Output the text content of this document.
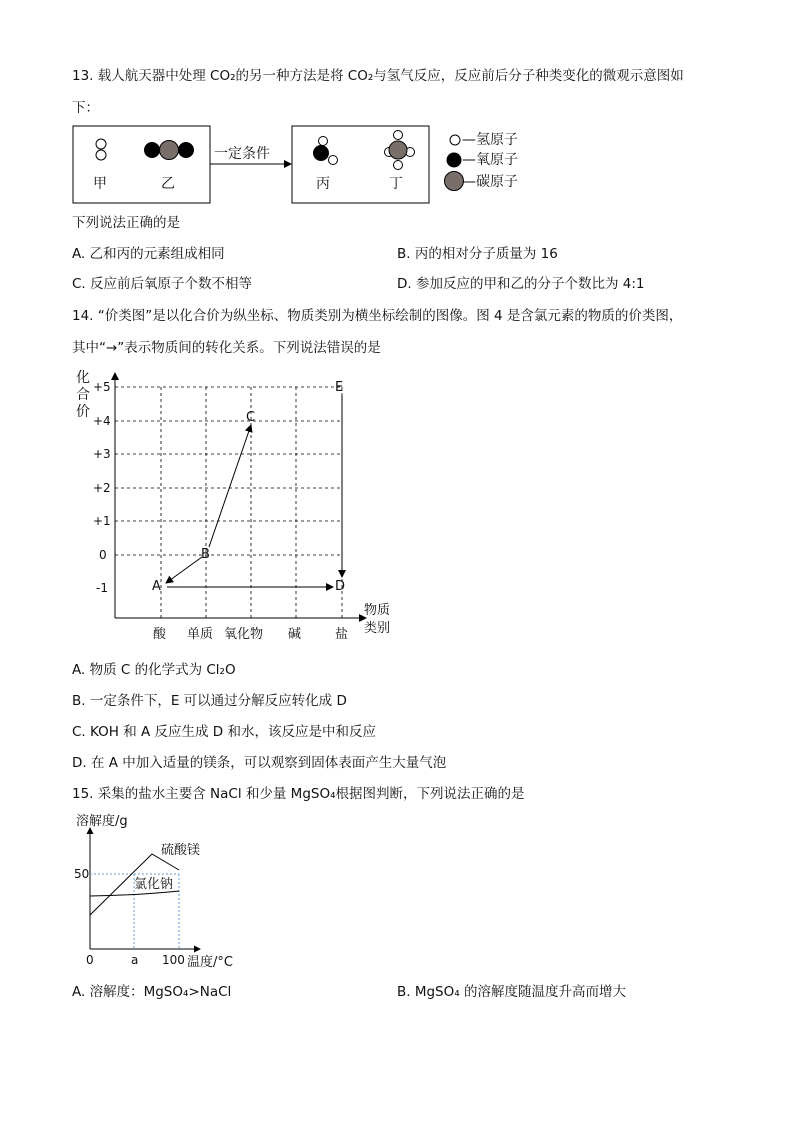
13. 载人航天器中处理 CO₂的另一种方法是将 CO₂与氢气反应，反应前后分子种类变化的微观示意图如
下：
甲	乙
一定条件
丙	丁
—氢原子
—氧原子
—碳原子
下列说法正确的是
A. 乙和丙的元素组成相同	B. 丙的相对分子质量为 16
C. 反应前后氧原子个数不相等	D. 参加反应的甲和乙的分子个数比为 4:1
14. “价类图”是以化合价为纵坐标、物质类别为横坐标绘制的图像。图 4 是含氯元素的物质的价类图，
其中“→”表示物质间的转化关系。下列说法错误的是
化
合
价
+5
+4
+3
+2
+1
0
-1	A
B
C
D
E
酸 单质 氧化物 碱	盐
物质
类别
A. 物质 C 的化学式为 Cl₂O
B. 一定条件下，E 可以通过分解反应转化成 D
C. KOH 和 A 反应生成 D 和水，该反应是中和反应
D. 在 A 中加入适量的镁条，可以观察到固体表面产生大量气泡
15. 采集的盐水主要含 NaCl 和少量 MgSO₄根据图判断，下列说法正确的是
溶解度/g
50
0	a 100 温度/°C
硫酸镁
氯化钠
A. 溶解度：MgSO₄>NaCl	B. MgSO₄ 的溶解度随温度升高而增大
